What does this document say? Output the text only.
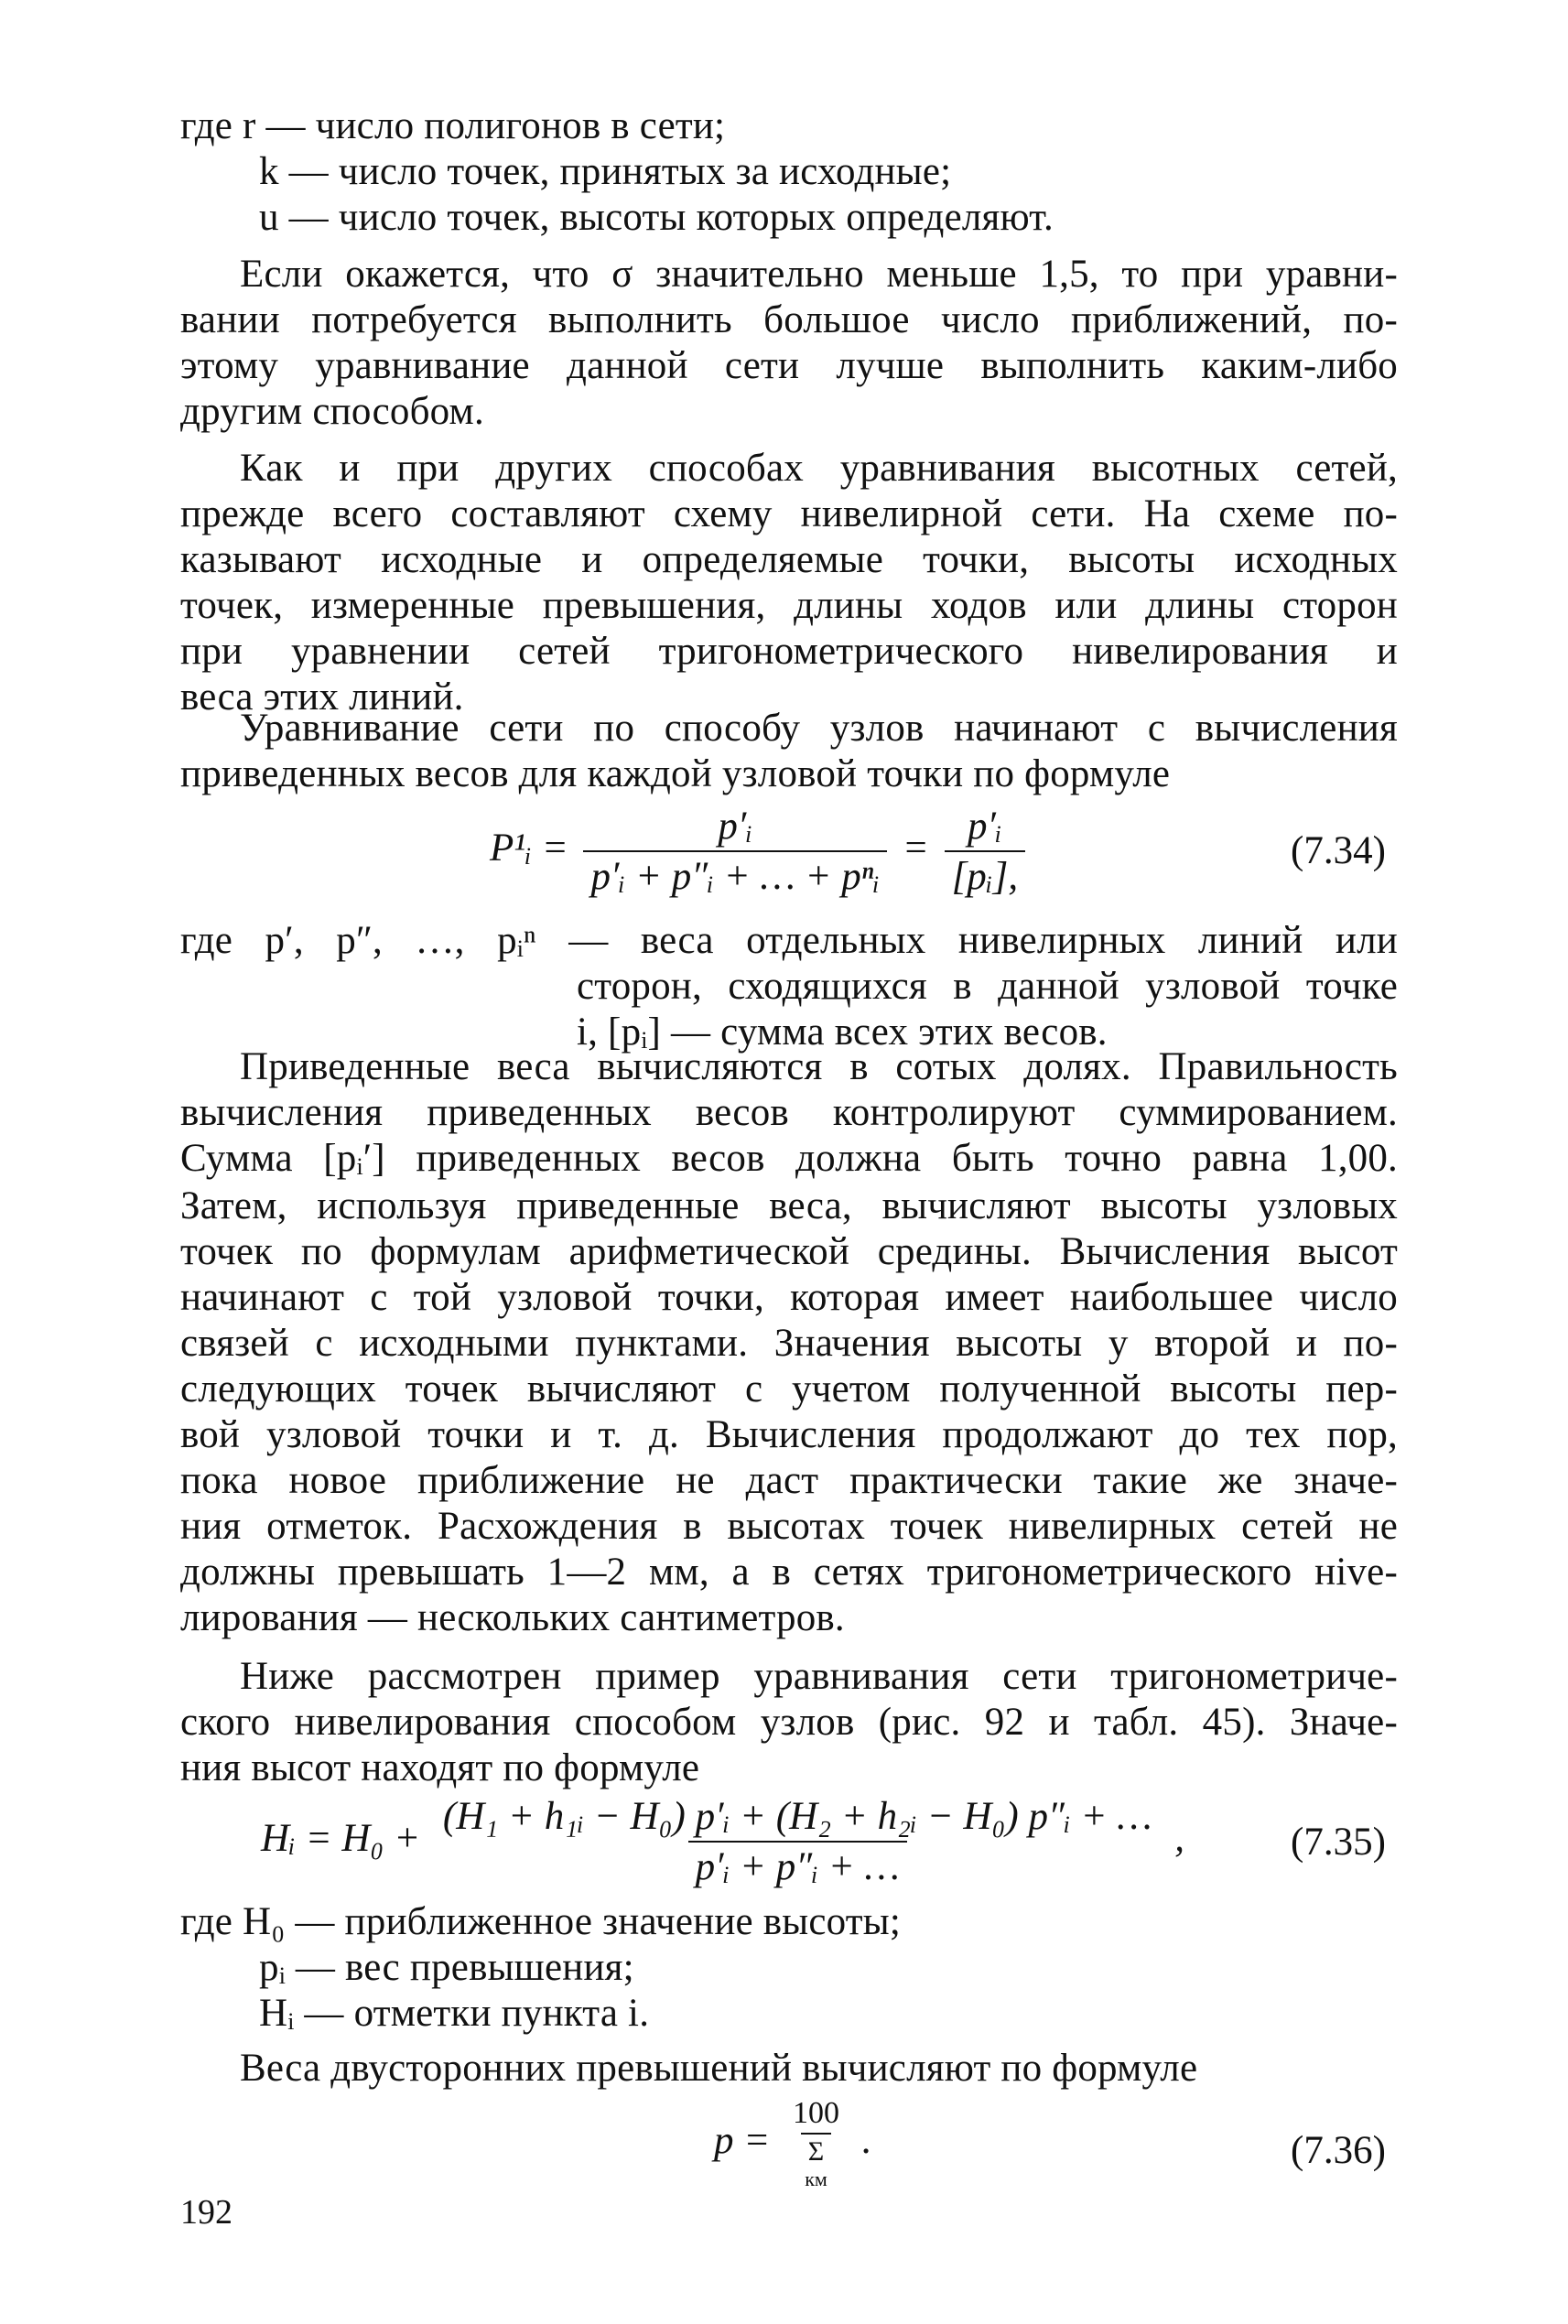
где r — число полигонов в сети;
k — число точек, принятых за исходные;
u — число точек, высоты которых определяют.
Если окажется, что σ значительно меньше 1,5, то при уравни-
вании потребуется выполнить большое число приближений, по-
этому уравнивание данной сети лучше выполнить каким-либо
другим способом.
Как и при других способах уравнивания высотных сетей,
прежде всего составляют схему нивелирной сети. На схеме по-
казывают исходные и определяемые точки, высоты исходных
точек, измеренные превышения, длины ходов или длины сторон
при уравнении сетей тригонометрического нивелирования и
веса этих линий.
Уравнивание сети по способу узлов начинают с вычисления
приведенных весов для каждой узловой точки по формуле
P¹ᵢ = $\frac{\text{p′ᵢ}}{\text{p′ᵢ + p″ᵢ + … + pⁿᵢ}} = \frac{\text{p′ᵢ}}{\text{[pᵢ],}}$	(7.34)
где p′, p″, …, pᵢⁿ — веса отдельных нивелирных линий или
сторон, сходящихся в данной узловой точке
i, [pᵢ] — сумма всех этих весов.
Приведенные веса вычисляются в сотых долях. Правильность
вычисления приведенных весов контролируют суммированием.
Сумма [pᵢ′] приведенных весов должна быть точно равна 1,00.
Затем, используя приведенные веса, вычисляют высоты узловых
точек по формулам арифметической средины. Вычисления высот
начинают с той узловой точки, которая имеет наибольшее число
связей с исходными пунктами. Значения высоты у второй и по-
следующих точек вычисляют с учетом полученной высоты пер-
вой узловой точки и т. д. Вычисления продолжают до тех пор,
пока новое приближение не даст практически такие же значе-
ния отметок. Расхождения в высотах точек нивелирных сетей не
должны превышать 1—2 мм, а в сетях тригонометрического нive-
лирования — нескольких сантиметров.
Ниже рассмотрен пример уравнивания сети тригонометриче-
ского нивелирования способом узлов (рис. 92 и табл. 45). Значе-
ния высот находят по формуле
Hᵢ = $H_0 + \frac{\text{(H₁ + h₁ᵢ − H₀) p′ᵢ + (H₂ + h₂ᵢ − H₀) p″ᵢ + …}}{\text{p′ᵢ + p″ᵢ + …}}$ ,	(7.35)
где H₀ — приближенное значение высоты;
pᵢ — вес превышения;
Hᵢ — отметки пункта i.
Веса двусторонних превышений вычисляют по формуле
p =
100
Σ
км
.	(7.36)
192
